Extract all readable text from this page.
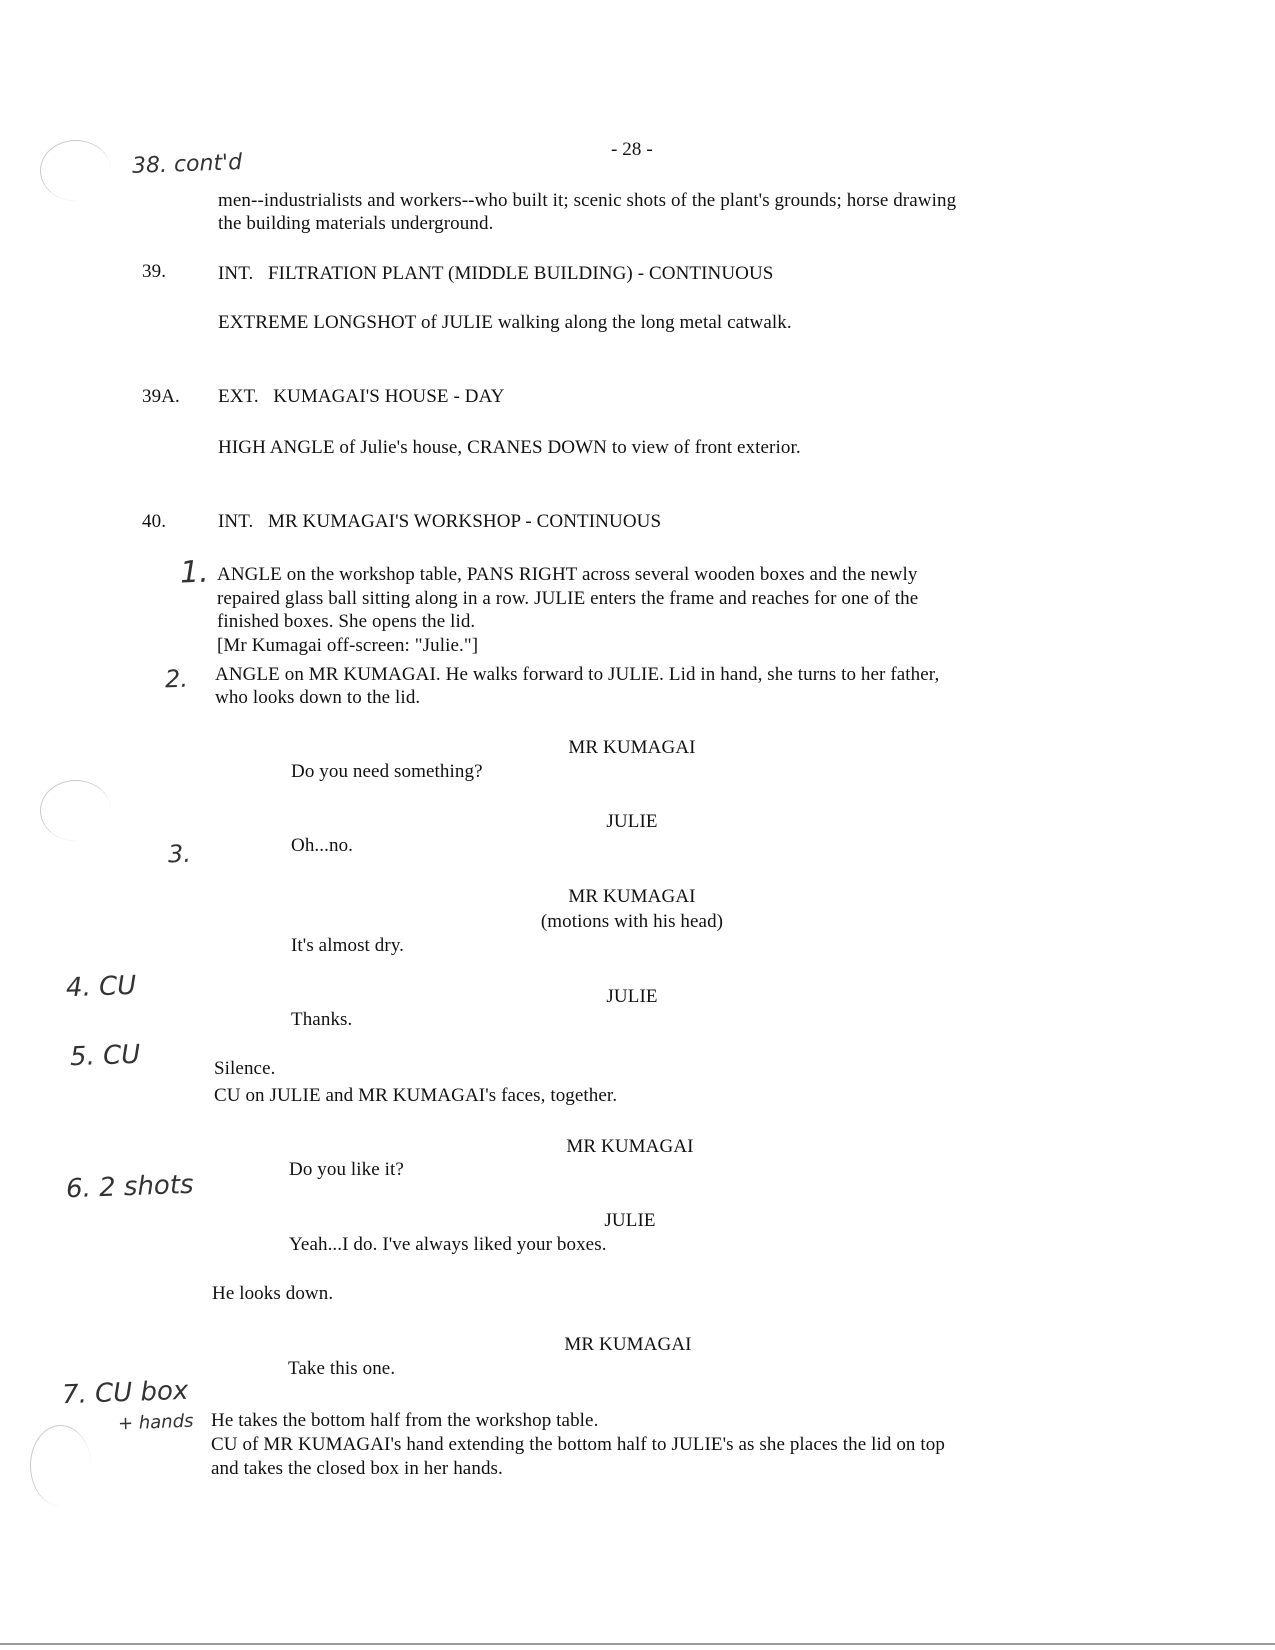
- 28 -
38. cont'd
men--industrialists and workers--who built it; scenic shots of the plant's grounds; horse drawing
the building materials underground.
39.	INT.   FILTRATION PLANT (MIDDLE BUILDING) - CONTINUOUS
EXTREME LONGSHOT of JULIE walking along the long metal catwalk.
39A. EXT.   KUMAGAI'S HOUSE - DAY
HIGH ANGLE of Julie's house, CRANES DOWN to view of front exterior.
40.	INT.   MR KUMAGAI'S WORKSHOP - CONTINUOUS
1. ANGLE on the workshop table, PANS RIGHT across several wooden boxes and the newly
repaired glass ball sitting along in a row. JULIE enters the frame and reaches for one of the
finished boxes. She opens the lid.
[Mr Kumagai off-screen: "Julie."]
2. ANGLE on MR KUMAGAI. He walks forward to JULIE. Lid in hand, she turns to her father,
who looks down to the lid.
MR KUMAGAI
Do you need something?
JULIE
3.	Oh...no.
MR KUMAGAI
(motions with his head)
It's almost dry.
4. CU	JULIE
Thanks.
5. CU	Silence.
CU on JULIE and MR KUMAGAI's faces, together.
MR KUMAGAI
6. 2 shots
Do you like it?
JULIE
Yeah...I do. I've always liked your boxes.
He looks down.
MR KUMAGAI
Take this one.
7. CU box
+ hands He takes the bottom half from the workshop table.
CU of MR KUMAGAI's hand extending the bottom half to JULIE's as she places the lid on top
and takes the closed box in her hands.
